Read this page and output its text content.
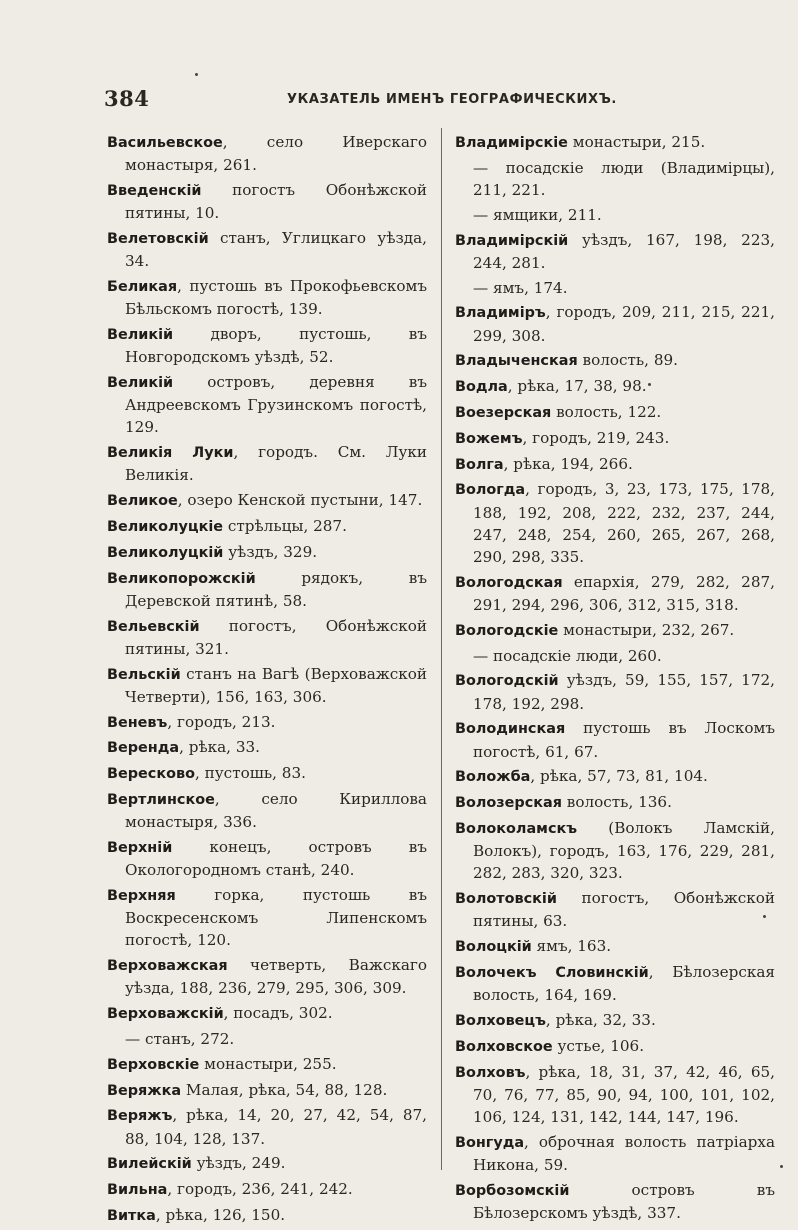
384	УКАЗАТЕЛЬ ИМЕНЪ ГЕОГРАФИЧЕСКИХЪ.
Васильевское, село Иверскаго монастыря, 261.
Введенскій погостъ Обонѣжской пятины, 10.
Велетовскій станъ, Углицкаго уѣзда, 34.
Беликая, пустошь въ Прокофьевскомъ Бѣльскомъ погостѣ, 139.
Великій дворъ, пустошь, въ Новгородскомъ уѣздѣ, 52.
Великій островъ, деревня въ Андреевскомъ Грузинскомъ погостѣ, 129.
Великія Луки, городъ. См. Луки Великія.
Великое, озеро Кенской пустыни, 147.
Великолуцкіе стрѣльцы, 287.
Великолуцкій уѣздъ, 329.
Великопорожскій рядокъ, въ Деревской пятинѣ, 58.
Вельевскій погостъ, Обонѣжской пятины, 321.
Вельскій станъ на Вагѣ (Верховажской Четверти), 156, 163, 306.
Веневъ, городъ, 213.
Веренда, рѣка, 33.
Вересково, пустошь, 83.
Вертлинское, село Кириллова монастыря, 336.
Верхній конецъ, островъ въ Окологородномъ станѣ, 240.
Верхняя горка, пустошь въ Воскресенскомъ Липенскомъ погостѣ, 120.
Верховажская четверть, Важскаго уѣзда, 188, 236, 279, 295, 306, 309.
Верховажскій, посадъ, 302.
— станъ, 272.
Верховскіе монастыри, 255.
Веряжка Малая, рѣка, 54, 88, 128.
Веряжъ, рѣка, 14, 20, 27, 42, 54, 87, 88, 104, 128, 137.
Вилейскій уѣздъ, 249.
Вильна, городъ, 236, 241, 242.
Витка, рѣка, 126, 150.
Владимірскіе монастыри, 215.
— посадскіе люди (Владимірцы), 211, 221.
— ямщики, 211.
Владимірскій уѣздъ, 167, 198, 223, 244, 281.
— ямъ, 174.
Владиміръ, городъ, 209, 211, 215, 221, 299, 308.
Владыченская волость, 89.
Водла, рѣка, 17, 38, 98.
Воезерская волость, 122.
Вожемъ, городъ, 219, 243.
Волга, рѣка, 194, 266.
Вологда, городъ, 3, 23, 173, 175, 178, 188, 192, 208, 222, 232, 237, 244, 247, 248, 254, 260, 265, 267, 268, 290, 298, 335.
Вологодская епархія, 279, 282, 287, 291, 294, 296, 306, 312, 315, 318.
Вологодскіе монастыри, 232, 267.
— посадскіе люди, 260.
Вологодскій уѣздъ, 59, 155, 157, 172, 178, 192, 298.
Володинская пустошь въ Лоскомъ погостѣ, 61, 67.
Воложба, рѣка, 57, 73, 81, 104.
Волозерская волость, 136.
Волоколамскъ (Волокъ Ламскій, Волокъ), городъ, 163, 176, 229, 281, 282, 283, 320, 323.
Волотовскій погостъ, Обонѣжской пятины, 63.
Волоцкій ямъ, 163.
Волочекъ Словинскій, Бѣлозерская волость, 164, 169.
Волховецъ, рѣка, 32, 33.
Волховское устье, 106.
Волховъ, рѣка, 18, 31, 37, 42, 46, 65, 70, 76, 77, 85, 90, 94, 100, 101, 102, 106, 124, 131, 142, 144, 147, 196.
Вонгуда, оброчная волость патріарха Никона, 59.
Ворбозомскій островъ въ Бѣлозерскомъ уѣздѣ, 337.
